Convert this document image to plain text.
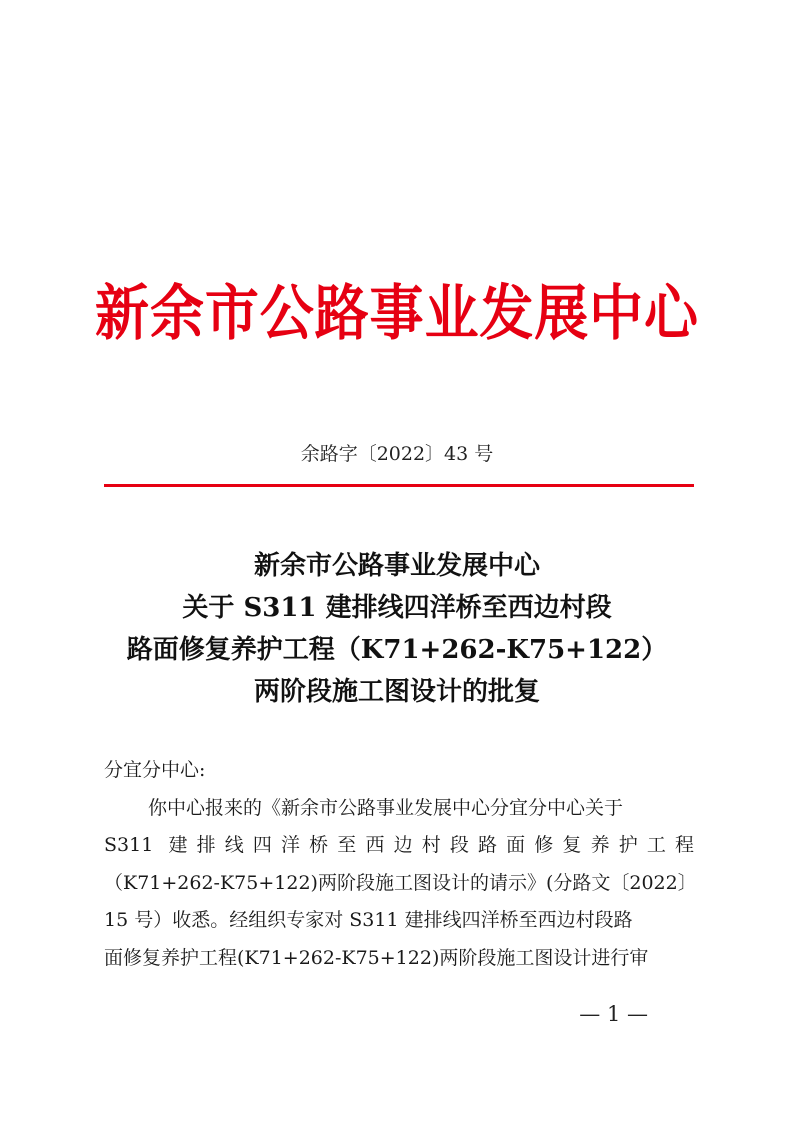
新余市公路事业发展中心
余路字〔2022〕43 号
新余市公路事业发展中心
关于 S311 建排线四洋桥至西边村段
路面修复养护工程（K71+262-K75+122）
两阶段施工图设计的批复
分宜分中心:
你中心报来的《新余市公路事业发展中心分宜分中心关于
S311 建排线四洋桥至西边村段路面修复养护工程
（K71+262-K75+122)两阶段施工图设计的请示》(分路文〔2022〕
15 号）收悉。经组织专家对 S311 建排线四洋桥至西边村段路
面修复养护工程(K71+262-K75+122)两阶段施工图设计进行审
— 1 —
